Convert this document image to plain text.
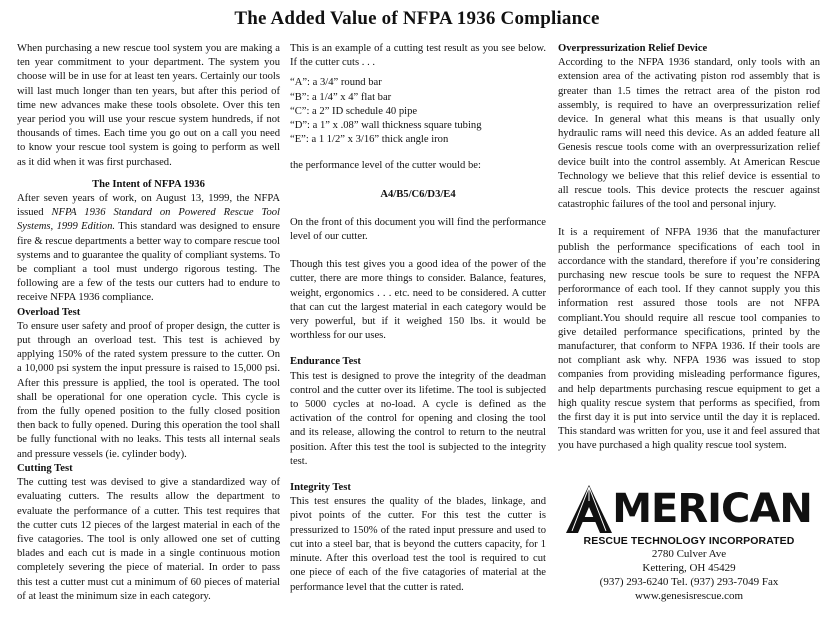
The Added Value of NFPA 1936 Compliance

When purchasing a new rescue tool system you are making a ten year commitment to your department. The system you choose will be in use for at least ten years. Certainly our tools will last much longer than ten years, but after this period of time new advances make these tools obsolete. Over this ten year period you will use your rescue system hundreds, if not thousands of times. Each time you go out on a call you need to know your rescue tool system is going to perform as well as it did when it was first purchased.

The Intent of NFPA 1936

After seven years of work, on August 13, 1999, the NFPA issued NFPA 1936 Standard on Powered Rescue Tool Systems, 1999 Edition. This standard was designed to ensure fire & rescue departments a better way to compare rescue tool systems and to guarantee the quality of compliant systems. To be compliant a tool must undergo rigorous testing. The following are a few of the tests our cutters had to endure to receive NFPA 1936 compliance.

Overload Test

To ensure user safety and proof of proper design, the cutter is put through an overload test. This test is achieved by applying 150% of the rated system pressure to the cutter. On a 10,000 psi system the input pressure is raised to 15,000 psi. After this pressure is applied, the tool is operated. The tool shall be operational for one operation cycle. This cycle is from the fully opened position to the fully closed position then back to fully opened. During this operation the tool shall be fully functional with no leaks. This tests all internal seals and pressure vessels (ie. cylinder body).

Cutting Test

The cutting test was devised to give a standardized way of evaluating cutters. The results allow the department to evaluate the performance of a cutter. This test requires that the cutter cuts 12 pieces of the largest material in each of the five catagories. The tool is only allowed one set of cutting blades and each cut is made in a single continuous motion completely severing the piece of material. In order to pass this test a cutter must cut a minimum of 60 pieces of material of at least the minimum size in each category.

This is an example of a cutting test result as you see below. If the cutter cuts . . .

“A”: a 3/4” round bar
“B”: a 1/4” x 4” flat bar
“C”: a 2” ID schedule 40 pipe
“D”: a 1” x .08” wall thickness square tubing
“E”: a 1 1/2” x 3/16” thick angle iron

the performance level of the cutter would be:

A4/B5/C6/D3/E4

On the front of this document you will find the performance level of our cutter.

Though this test gives you a good idea of the power of the cutter, there are more things to consider. Balance, features, weight, ergonomics . . . etc. need to be considered. A cutter that can cut the largest material in each category would be very powerful, but if it weighed 150 lbs. it would be worthless for our uses.

Endurance Test

This test is designed to prove the integrity of the deadman control and the cutter over its lifetime. The tool is subjected to 5000 cycles at no-load. A cycle is defined as the activation of the control for opening and closing the tool and its release, allowing the control to return to the neutral position. After this test the tool is subjected to the integrity test.

Integrity Test

This test ensures the quality of the blades, linkage, and pivot points of the cutter. For this test the cutter is pressurized to 150% of the rated input pressure and used to cut into a steel bar, that is beyond the cutters capacity, for 1 minute. After this overload test the tool is required to cut one piece of each of the five catagories of material at the performance level that the cutter is rated.

Overpressurization Relief Device

According to the NFPA 1936 standard, only tools with an extension area of the activating piston rod assembly that is greater than 1.5 times the retract area of the piston rod assembly, is required to have an overpressurization relief device. In general what this means is that usually only hydraulic rams will need this device. As an added feature all Genesis rescue tools come with an overpressurization relief device built into the control assembly. At American Rescue Technology we believe that this relief device is essential to all rescue tools. This device protects the rescuer against catastrophic failures of the tool and personal injury.

It is a requirement of NFPA 1936 that the manufacturer publish the performance specifications of each tool in accordance with the standard, therefore if you’re considering purchasing new rescue tools be sure to request the NFPA perforormance of each tool. If they cannot supply you this information rest assured those tools are not NFPA compliant.You should require all rescue tool companies to give detailed performance specifications, printed by the manufacturer, that conform to NFPA 1936. If their tools are not compliant ask why. NFPA 1936 was issued to stop companies from providing misleading performance figures, and help departments purchasing rescue equipment to get a high quality rescue system that performs as specified, from the first day it is put into service until the day it is replaced. This standard was written for you, use it and feel assured that you have purchased a high quality rescue tool system.

MERICAN
RESCUE TECHNOLOGY INCORPORATED
2780 Culver Ave
Kettering, OH 45429
(937) 293-6240 Tel. (937) 293-7049 Fax
www.genesisrescue.com
